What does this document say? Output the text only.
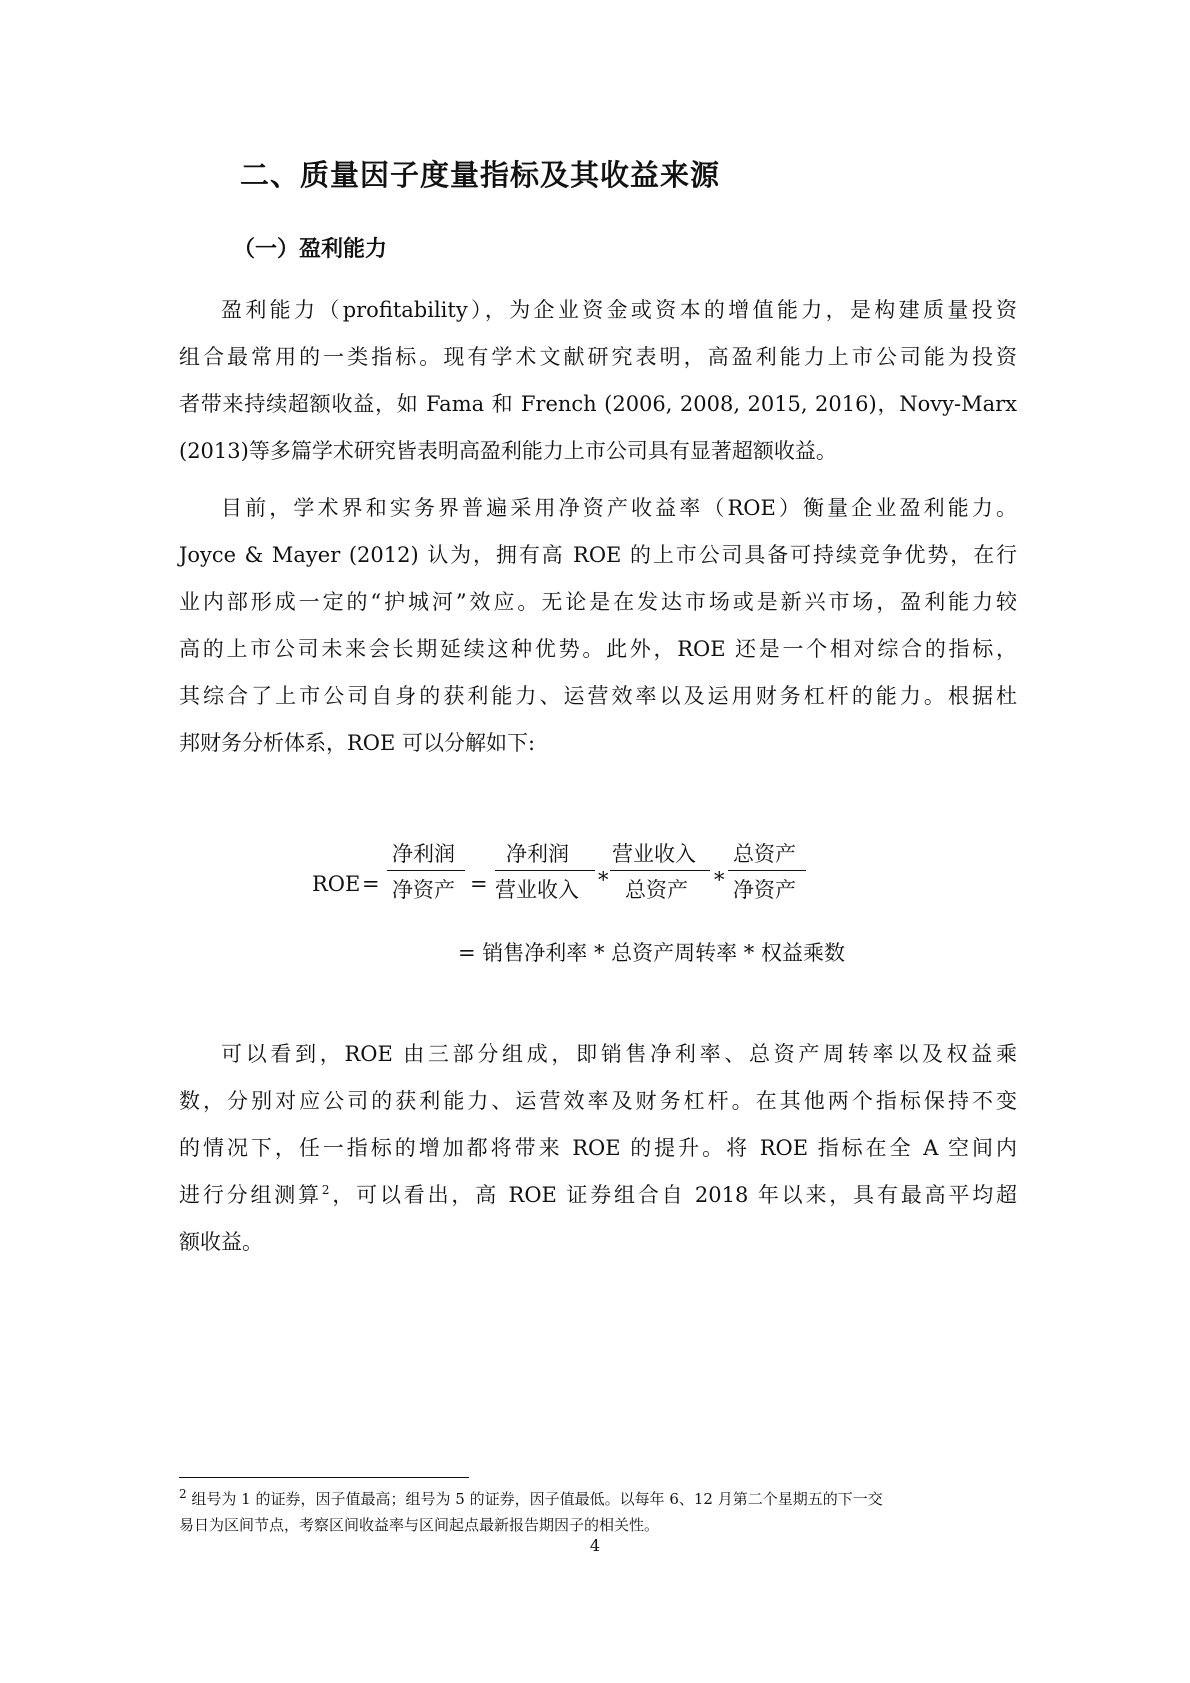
二、质量因子度量指标及其收益来源
（一）盈利能力
盈利能力（profitability），为企业资金或资本的增值能力，是构建质量投资
组合最常用的一类指标。现有学术文献研究表明，高盈利能力上市公司能为投资
者带来持续超额收益，如 Fama 和 French (2006, 2008, 2015, 2016)，Novy-Marx
(2013)等多篇学术研究皆表明高盈利能力上市公司具有显著超额收益。
目前，学术界和实务界普遍采用净资产收益率（ROE）衡量企业盈利能力。
Joyce & Mayer (2012) 认为，拥有高 ROE 的上市公司具备可持续竞争优势，在行
业内部形成一定的“护城河”效应。无论是在发达市场或是新兴市场，盈利能力较
高的上市公司未来会长期延续这种优势。此外，ROE 还是一个相对综合的指标，
其综合了上市公司自身的获利能力、运营效率以及运用财务杠杆的能力。根据杜
邦财务分析体系，ROE 可以分解如下:
ROE =
净利润
净资产 =
净利润
营业收入 *
营业收入
总资产 *
总资产
净资产
= 销售净利率 * 总资产周转率 * 权益乘数
可以看到，ROE 由三部分组成，即销售净利率、总资产周转率以及权益乘
数，分别对应公司的获利能力、运营效率及财务杠杆。在其他两个指标保持不变
的情况下，任一指标的增加都将带来 ROE 的提升。将 ROE 指标在全 A 空间内
进行分组测算$^2$，可以看出，高 ROE 证券组合自 2018 年以来，具有最高平均超
额收益。
$^2$ 组号为 1 的证券，因子值最高；组号为 5 的证券，因子值最低。以每年 6、12 月第二个星期五的下一交
易日为区间节点，考察区间收益率与区间起点最新报告期因子的相关性。
4
